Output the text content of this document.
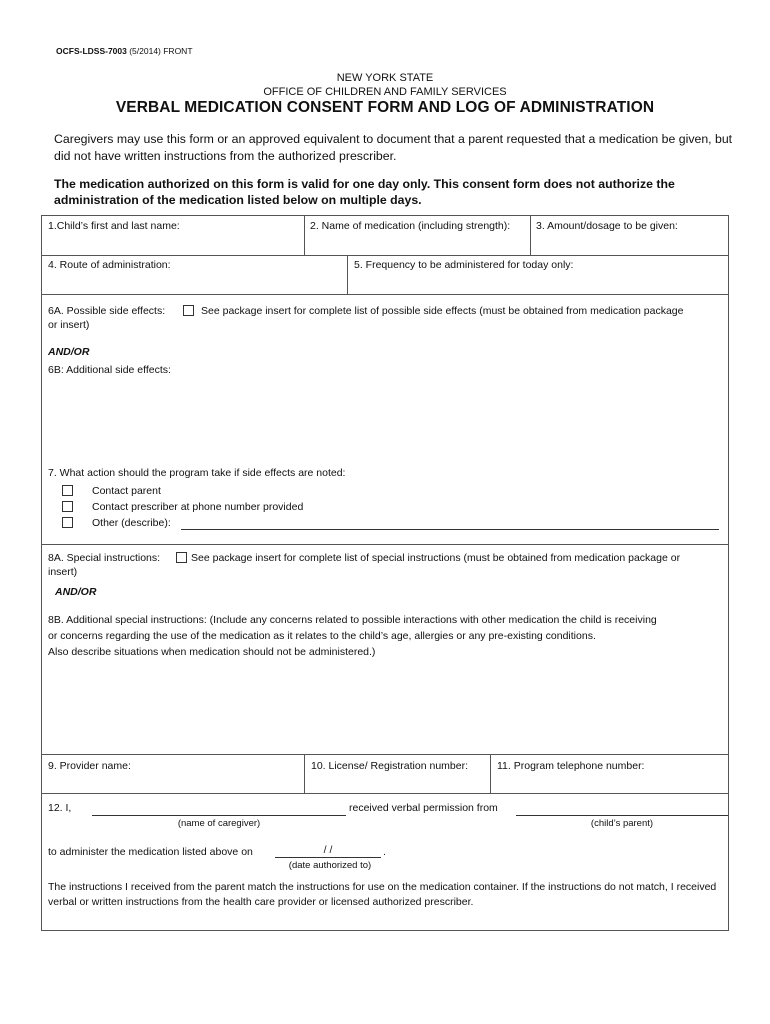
OCFS-LDSS-7003 (5/2014) FRONT
NEW YORK STATE
OFFICE OF CHILDREN AND FAMILY SERVICES
VERBAL MEDICATION CONSENT FORM AND LOG OF ADMINISTRATION
Caregivers may use this form or an approved equivalent to document that a parent requested that a medication be given, but did not have written instructions from the authorized prescriber.
The medication authorized on this form is valid for one day only. This consent form does not authorize the administration of the medication listed below on multiple days.
1.Child’s first and last name:	2. Name of medication (including strength): 3. Amount/dosage to be given:
4. Route of administration:	5. Frequency to be administered for today only:
6A. Possible side effects:	See package insert for complete list of possible side effects (must be obtained from medication package
or insert)
AND/OR
6B: Additional side effects:
7. What action should the program take if side effects are noted:
Contact parent
Contact prescriber at phone number provided
Other (describe):
8A. Special instructions:	See package insert for complete list of special instructions (must be obtained from medication package or
insert)
AND/OR
8B. Additional special instructions: (Include any concerns related to possible interactions with other medication the child is receiving
or concerns regarding the use of the medication as it relates to the child’s age, allergies or any pre-existing conditions.
Also describe situations when medication should not be administered.)
9. Provider name:	10. License/ Registration number:	11. Program telephone number:
12. I,	received verbal permission from
(name of caregiver)	(child’s parent)
to administer the medication listed above on	/ /	.
(date authorized to)
The instructions I received from the parent match the instructions for use on the medication container. If the instructions do not match, I received verbal or written instructions from the health care provider or licensed authorized prescriber.
